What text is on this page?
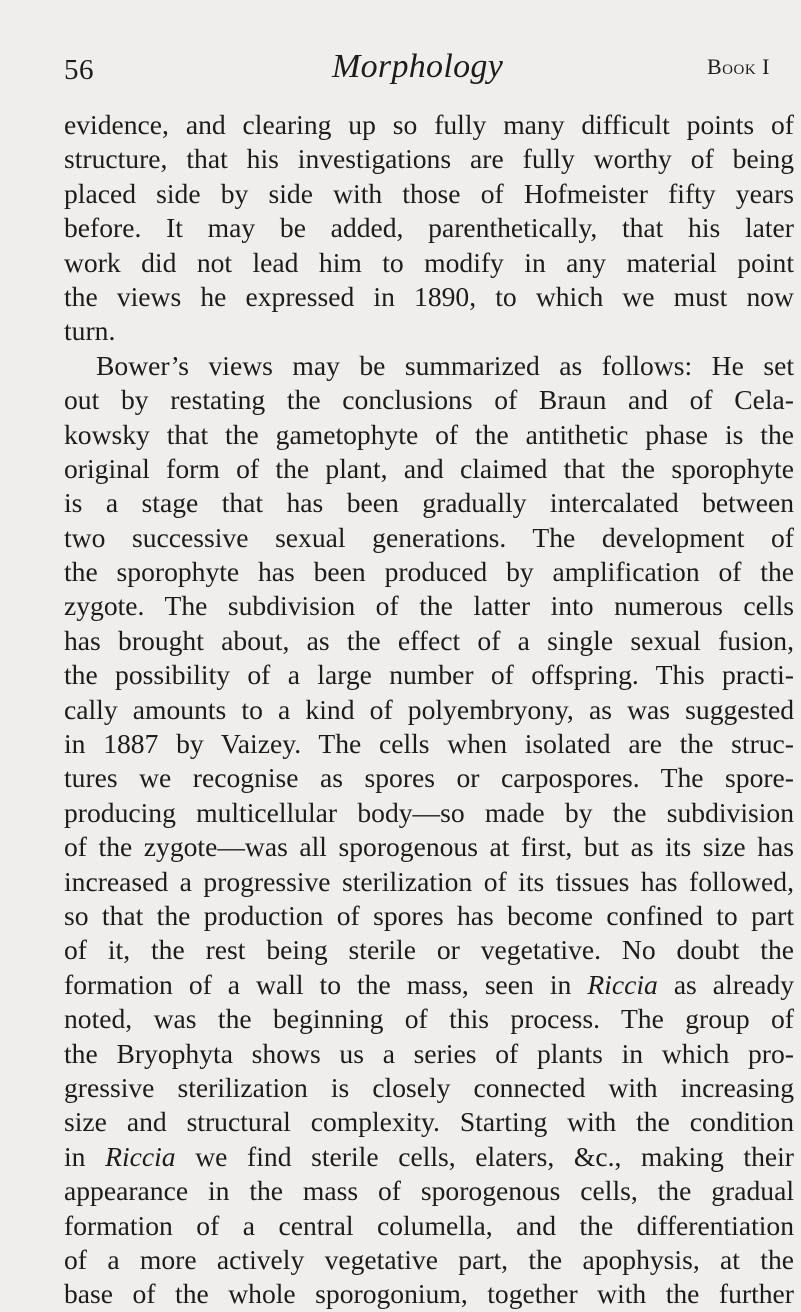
56	Morphology	Book I
evidence, and clearing up so fully many difficult points of
structure, that his investigations are fully worthy of being
placed side by side with those of Hofmeister fifty years
before. It may be added, parenthetically, that his later
work did not lead him to modify in any material point
the views he expressed in 1890, to which we must now
turn.
Bower’s views may be summarized as follows: He set
out by restating the conclusions of Braun and of Cela-
kowsky that the gametophyte of the antithetic phase is the
original form of the plant, and claimed that the sporophyte
is a stage that has been gradually intercalated between
two successive sexual generations. The development of
the sporophyte has been produced by amplification of the
zygote. The subdivision of the latter into numerous cells
has brought about, as the effect of a single sexual fusion,
the possibility of a large number of offspring. This practi-
cally amounts to a kind of polyembryony, as was suggested
in 1887 by Vaizey. The cells when isolated are the struc-
tures we recognise as spores or carpospores. The spore-
producing multicellular body—so made by the subdivision
of the zygote—was all sporogenous at first, but as its size has
increased a progressive sterilization of its tissues has followed,
so that the production of spores has become confined to part
of it, the rest being sterile or vegetative. No doubt the
formation of a wall to the mass, seen in Riccia as already
noted, was the beginning of this process. The group of
the Bryophyta shows us a series of plants in which pro-
gressive sterilization is closely connected with increasing
size and structural complexity. Starting with the condition
in Riccia we find sterile cells, elaters, &c., making their
appearance in the mass of sporogenous cells, the gradual
formation of a central columella, and the differentiation
of a more actively vegetative part, the apophysis, at the
base of the whole sporogonium, together with the further
